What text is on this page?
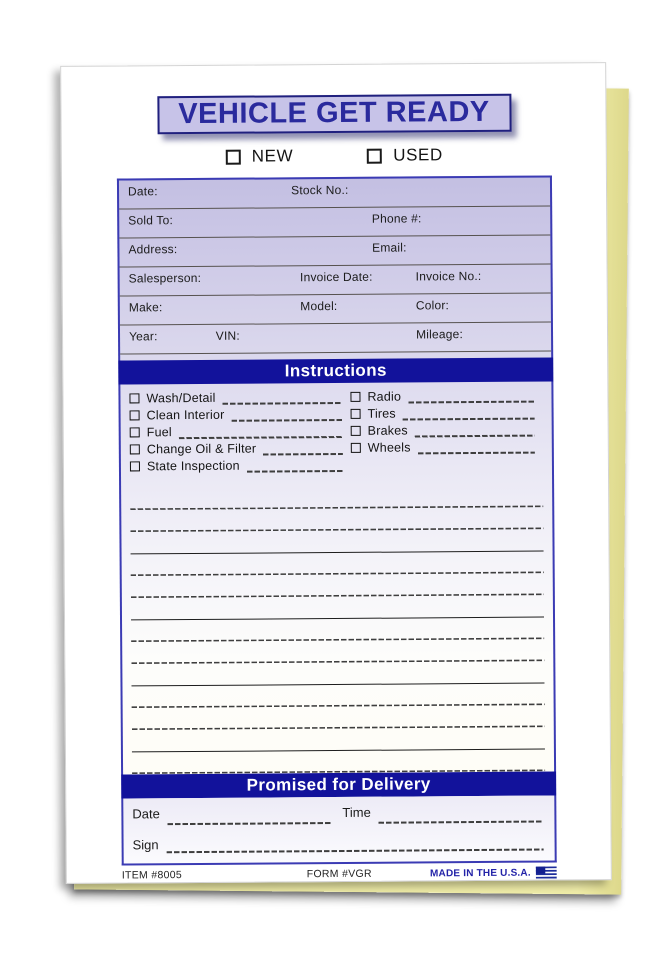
VEHICLE GET READY
NEW	USED
Date:	Stock No.:
Sold To:	Phone #:
Address:	Email:
Salesperson:	Invoice Date:	Invoice No.:
Make:	Model:	Color:
Year:	VIN:	Mileage:
Instructions
Wash/Detail
Clean Interior
Fuel
Change Oil & Filter
State Inspection
Radio
Tires
Brakes
Wheels
Promised for Delivery
Date	Time
Sign
ITEM #8005	FORM #VGR	MADE IN THE U.S.A.
